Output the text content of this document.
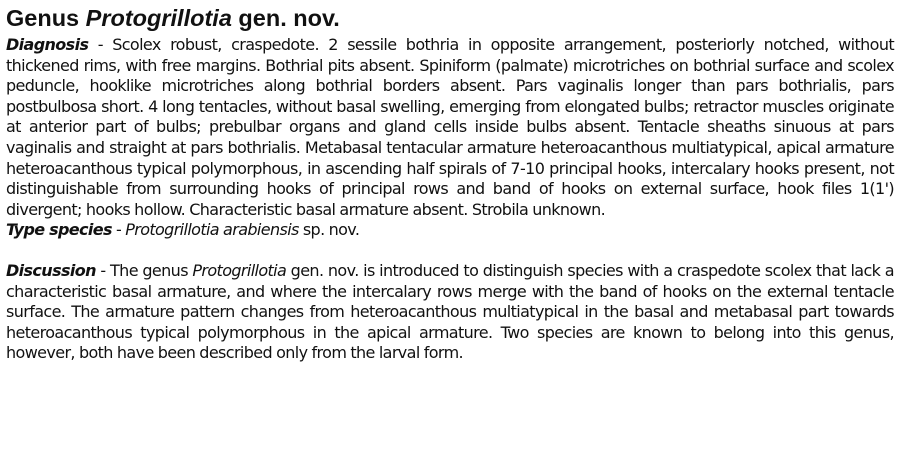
Genus Protogrillotia gen. nov.

Diagnosis - Scolex robust, craspedote. 2 sessile bothria in opposite arrangement, posteriorly notched, without thickened rims, with free margins. Bothrial pits absent. Spiniform (palmate) microtriches on bothrial surface and scolex peduncle, hooklike microtriches along bothrial borders absent. Pars vaginalis longer than pars bothrialis, pars postbulbosa short. 4 long tentacles, without basal swelling, emerging from elongated bulbs; retractor muscles originate at anterior part of bulbs; prebulbar organs and gland cells inside bulbs absent. Tentacle sheaths sinuous at pars vaginalis and straight at pars bothrialis. Metabasal tentacular armature heteroacanthous multiatypical, apical armature heteroacanthous typical polymorphous, in ascending half spirals of 7-10 principal hooks, intercalary hooks present, not distinguishable from surrounding hooks of principal rows and band of hooks on external surface, hook files 1(1') divergent; hooks hollow. Characteristic basal armature absent. Strobila unknown.

Type species - Protogrillotia arabiensis sp. nov.

Discussion - The genus Protogrillotia gen. nov. is introduced to distinguish species with a craspedote scolex that lack a characteristic basal armature, and where the intercalary rows merge with the band of hooks on the external tentacle surface. The armature pattern changes from heteroacanthous multiatypical in the basal and metabasal part towards heteroacanthous typical polymorphous in the apical armature. Two species are known to belong into this genus, however, both have been described only from the larval form.
